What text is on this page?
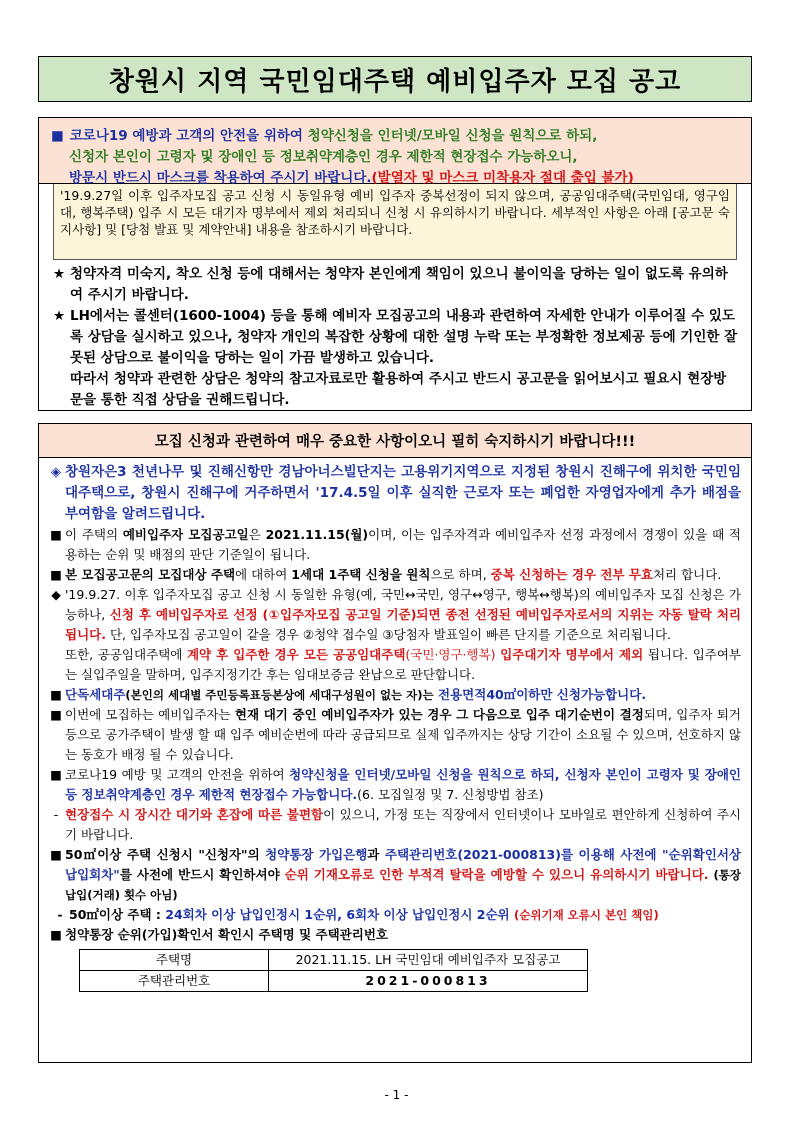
창원시 지역 국민임대주택 예비입주자 모집 공고
■ 코로나19 예방과 고객의 안전을 위하여 청약신청을 인터넷/모바일 신청을 원칙으로 하되,
신청자 본인이 고령자 및 장애인 등 정보취약계층인 경우 제한적 현장접수 가능하오니,
방문시 반드시 마스크를 착용하여 주시기 바랍니다.(발열자 및 마스크 미착용자 절대 출입 불가)
'19.9.27일 이후 입주자모집 공고 신청 시 동일유형 예비 입주자 중복선정이 되지 않으며, 공공임대주택(국민임대, 영구임대, 행복주택) 입주 시 모든 대기자 명부에서 제외 처리되니 신청 시 유의하시기 바랍니다. 세부적인 사항은 아래 [공고문 숙지사항] 및 [당첨 발표 및 계약안내] 내용을 참조하시기 바랍니다.
★ 청약자격 미숙지, 착오 신청 등에 대해서는 청약자 본인에게 책임이 있으니 불이익을 당하는 일이 없도록 유의하여 주시기 바랍니다.
★ LH에서는 콜센터(1600-1004) 등을 통해 예비자 모집공고의 내용과 관련하여 자세한 안내가 이루어질 수 있도록 상담을 실시하고 있으나, 청약자 개인의 복잡한 상황에 대한 설명 누락 또는 부정확한 정보제공 등에 기인한 잘못된 상담으로 불이익을 당하는 일이 가끔 발생하고 있습니다.
따라서 청약과 관련한 상담은 청약의 참고자료로만 활용하여 주시고 반드시 공고문을 읽어보시고 필요시 현장방문을 통한 직접 상담을 권해드립니다.
모집 신청과 관련하여 매우 중요한 사항이오니 필히 숙지하시기 바랍니다!!!
◈ 창원자은3 천년나무 및 진해신항만 경남아너스빌단지는 고용위기지역으로 지정된 창원시 진해구에 위치한 국민임대주택으로, 창원시 진해구에 거주하면서 '17.4.5일 이후 실직한 근로자 또는 폐업한 자영업자에게 추가 배점을 부여함을 알려드립니다.
■ 이 주택의 예비입주자 모집공고일은 2021.11.15(월)이며, 이는 입주자격과 예비입주자 선정 과정에서 경쟁이 있을 때 적용하는 순위 및 배점의 판단 기준일이 됩니다.
■ 본 모집공고문의 모집대상 주택에 대하여 1세대 1주택 신청을 원칙으로 하며, 중복 신청하는 경우 전부 무효처리 합니다.
◆ '19.9.27. 이후 입주자모집 공고 신청 시 동일한 유형(예, 국민↔국민, 영구↔영구, 행복↔행복)의 예비입주자 모집 신청은 가능하나, 신청 후 예비입주자로 선정 (①입주자모집 공고일 기준)되면 종전 선정된 예비입주자로서의 지위는 자동 탈락 처리됩니다. 단, 입주자모집 공고일이 같을 경우 ②청약 접수일 ③당첨자 발표일이 빠른 단지를 기준으로 처리됩니다.
또한, 공공임대주택에 계약 후 입주한 경우 모든 공공임대주택(국민·영구·행복) 입주대기자 명부에서 제외 됩니다. 입주여부는 실입주일을 말하며, 입주지정기간 후는 임대보증금 완납으로 판단합니다.
■ 단독세대주(본인의 세대별 주민등록표등본상에 세대구성원이 없는 자)는 전용면적40㎡이하만 신청가능합니다.
■ 이번에 모집하는 예비입주자는 현재 대기 중인 예비입주자가 있는 경우 그 다음으로 입주 대기순번이 결정되며, 입주자 퇴거 등으로 공가주택이 발생 할 때 입주 예비순번에 따라 공급되므로 실제 입주까지는 상당 기간이 소요될 수 있으며, 선호하지 않는 동호가 배정 될 수 있습니다.
■ 코로나19 예방 및 고객의 안전을 위하여 청약신청을 인터넷/모바일 신청을 원칙으로 하되, 신청자 본인이 고령자 및 장애인 등 정보취약계층인 경우 제한적 현장접수 가능합니다.(6. 모집일정 및 7. 신청방법 참조)
- 현장접수 시 장시간 대기와 혼잡에 따른 불편함이 있으니, 가정 또는 직장에서 인터넷이나 모바일로 편안하게 신청하여 주시기 바랍니다.
■ 50㎡이상 주택 신청시 "신청자"의 청약통장 가입은행과 주택관리번호(2021-000813)를 이용해 사전에 "순위확인서상 납입회차"를 사전에 반드시 확인하셔야 순위 기재오류로 인한 부적격 탈락을 예방할 수 있으니 유의하시기 바랍니다. (통장 납입(거래) 횟수 아님)
- 50㎡이상 주택 : 24회차 이상 납입인정시 1순위, 6회차 이상 납입인정시 2순위 (순위기재 오류시 본인 책임)
■ 청약통장 순위(가입)확인서 확인시 주택명 및 주택관리번호
주택명	2021.11.15. LH 국민임대 예비입주자 모집공고
주택관리번호	2021-000813
- 1 -
